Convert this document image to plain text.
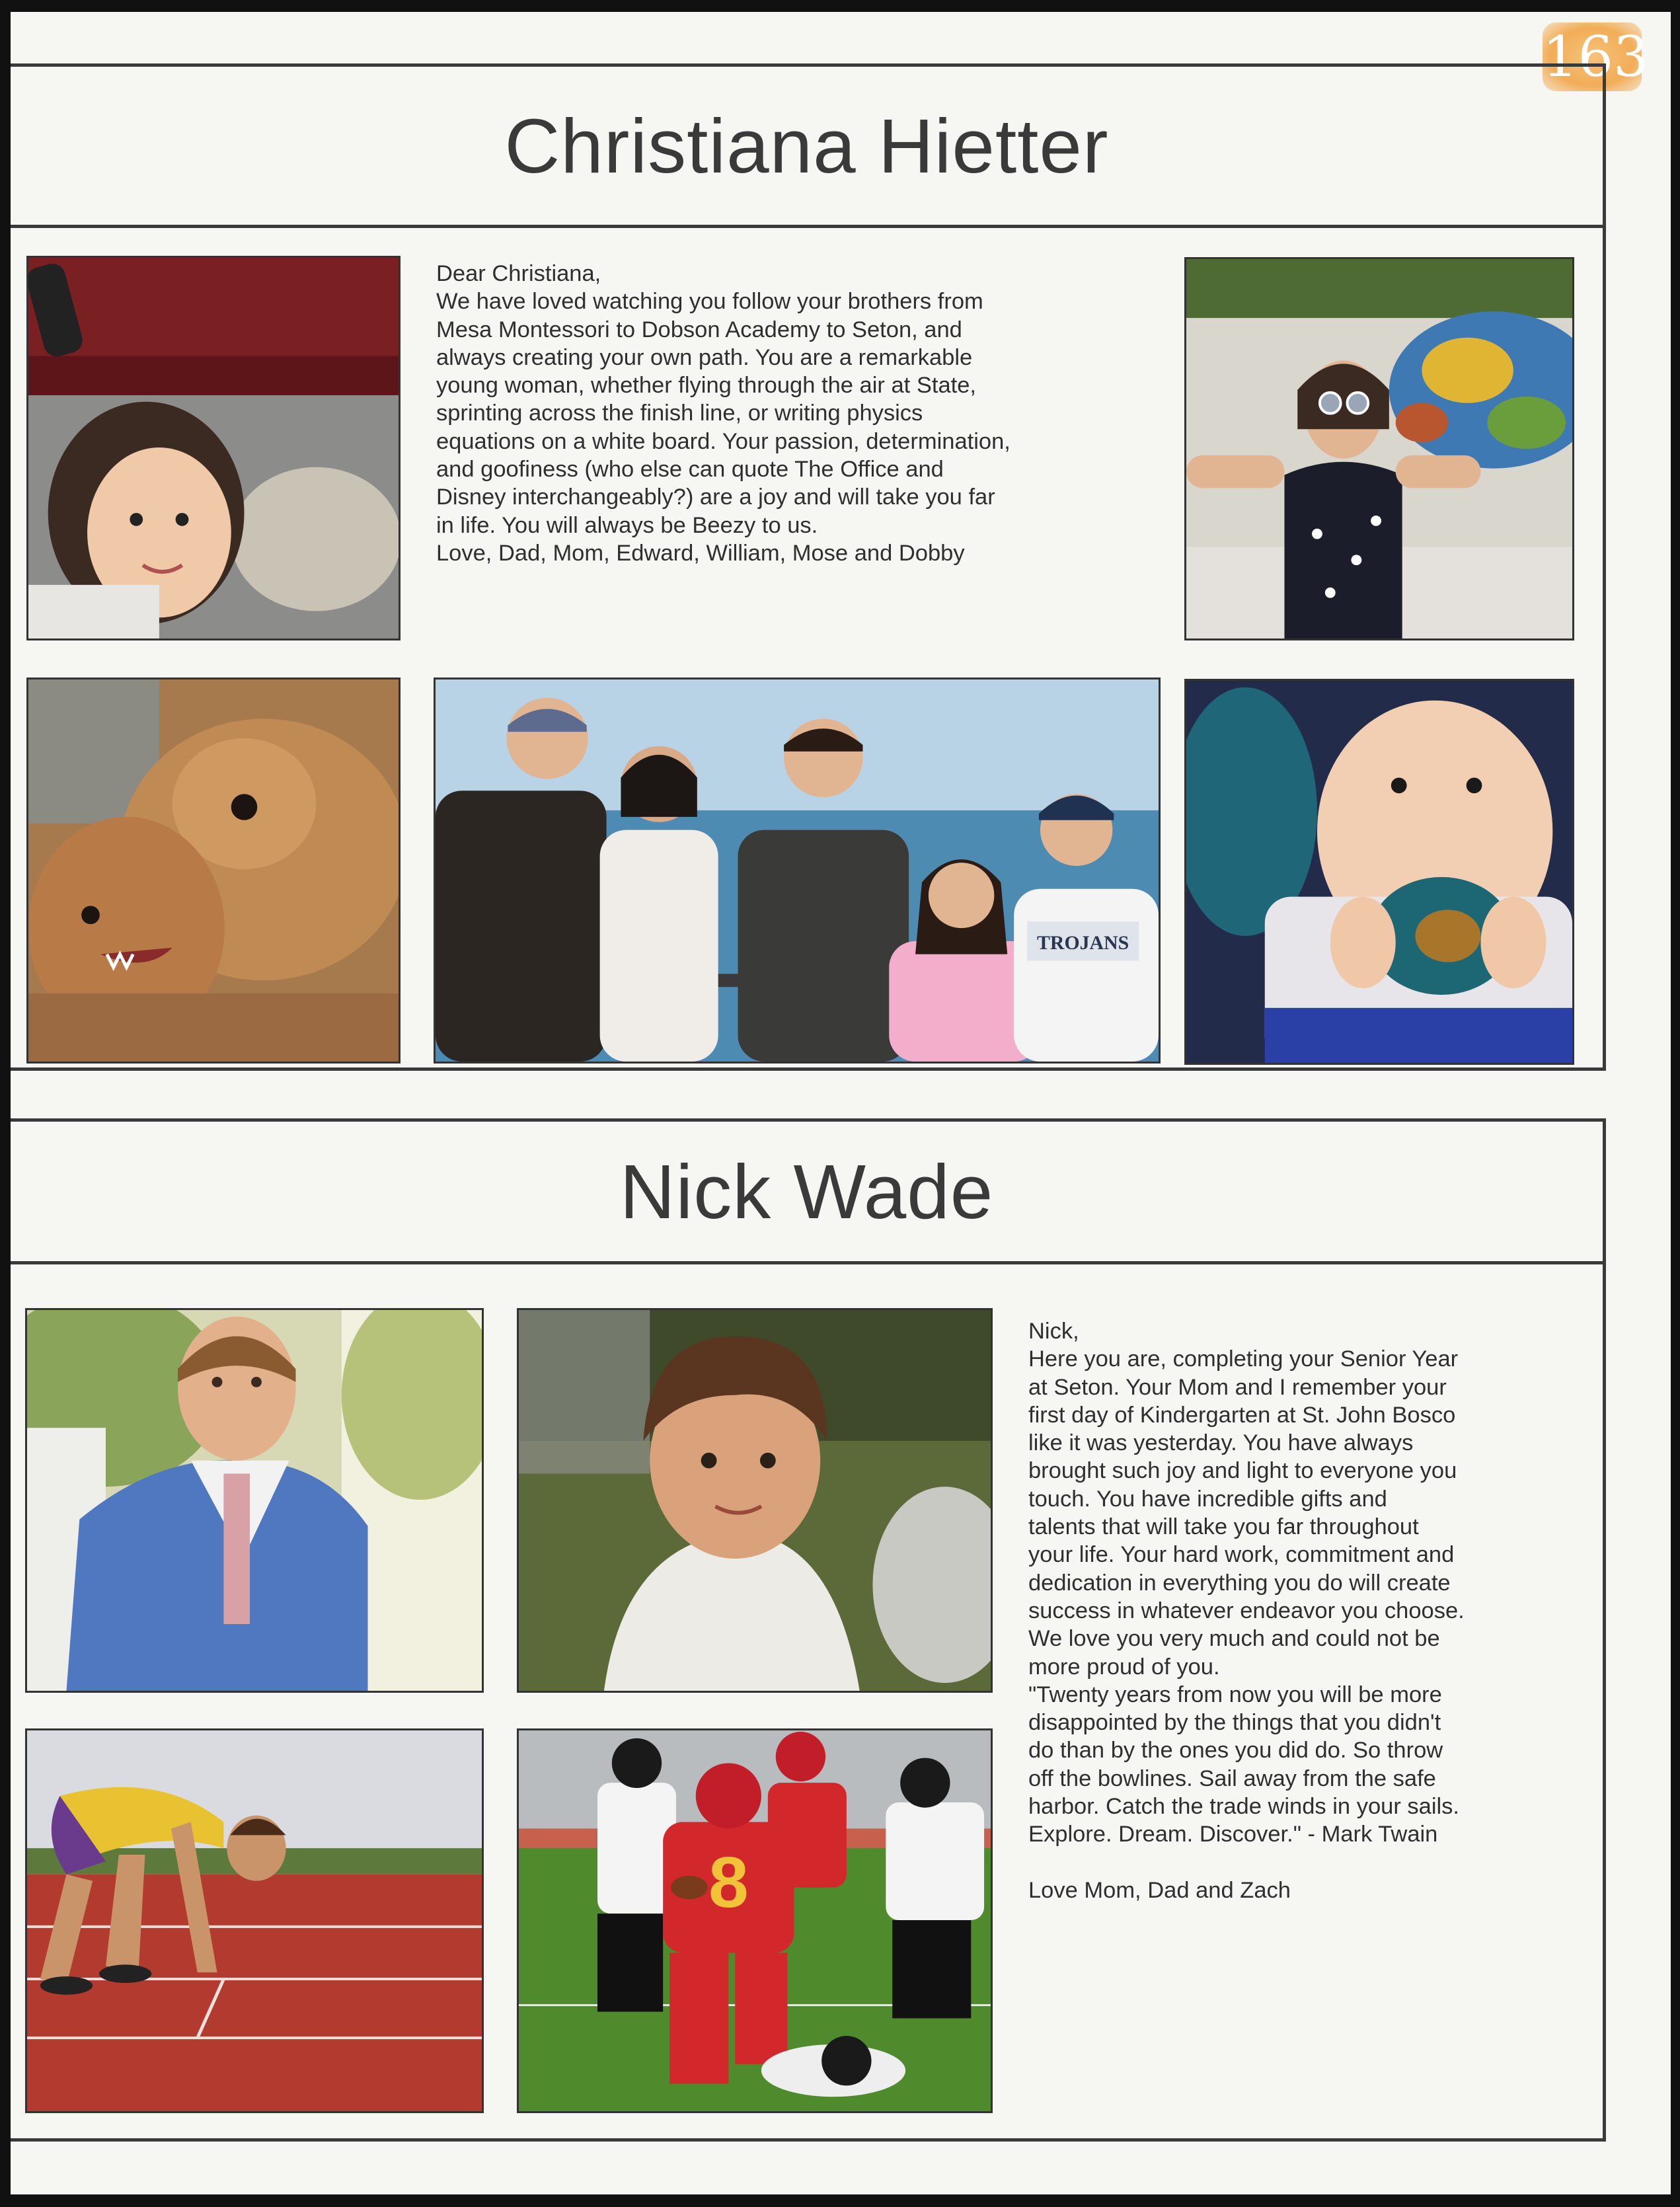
163
Christiana Hietter
Dear Christiana,
We have loved watching you follow your brothers from
Mesa Montessori to Dobson Academy to Seton, and
always creating your own path. You are a remarkable
young woman, whether flying through the air at State,
sprinting across the finish line, or writing physics
equations on a white board. Your passion, determination,
and goofiness (who else can quote The Office and
Disney interchangeably?) are a joy and will take you far
in life. You will always be Beezy to us.
Love, Dad, Mom, Edward, William, Mose and Dobby
TROJANS
Nick Wade
Nick,
Here you are, completing your Senior Year
at Seton. Your Mom and I remember your
first day of Kindergarten at St. John Bosco
like it was yesterday. You have always
brought such joy and light to everyone you
touch. You have incredible gifts and
talents that will take you far throughout
your life. Your hard work, commitment and
dedication in everything you do will create
success in whatever endeavor you choose.
We love you very much and could not be
more proud of you.
"Twenty years from now you will be more
disappointed by the things that you didn't
do than by the ones you did do. So throw
off the bowlines. Sail away from the safe
harbor. Catch the trade winds in your sails.
Explore. Dream. Discover." - Mark Twain

Love Mom, Dad and Zach
8
